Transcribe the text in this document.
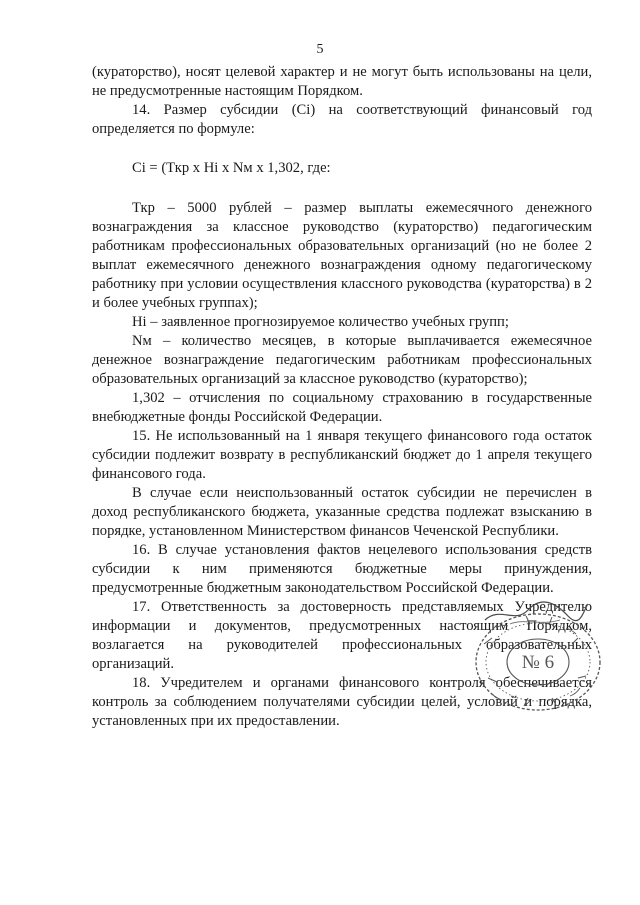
5

(кураторство), носят целевой характер и не могут быть использованы на цели, не предусмотренные настоящим Порядком.

14. Размер субсидии (Ci) на соответствующий финансовый год определяется по формуле:

Ci = (Ткр x Hi x Nм x 1,302, где:

Ткр – 5000 рублей – размер выплаты ежемесячного денежного вознаграждения за классное руководство (кураторство) педагогическим работникам профессиональных образовательных организаций (но не более 2 выплат ежемесячного денежного вознаграждения одному педагогическому работнику при условии осуществления классного руководства (кураторства) в 2 и более учебных группах);

Hi – заявленное прогнозируемое количество учебных групп;

Nм – количество месяцев, в которые выплачивается ежемесячное денежное вознаграждение педагогическим работникам профессиональных образовательных организаций за классное руководство (кураторство);

1,302 – отчисления по социальному страхованию в государственные внебюджетные фонды Российской Федерации.

15. Не использованный на 1 января текущего финансового года остаток субсидии подлежит возврату в республиканский бюджет до 1 апреля текущего финансового года.

В случае если неиспользованный остаток субсидии не перечислен в доход республиканского бюджета, указанные средства подлежат взысканию в порядке, установленном Министерством финансов Чеченской Республики.

16. В случае установления фактов нецелевого использования средств субсидии к ним применяются бюджетные меры принуждения, предусмотренные бюджетным законодательством Российской Федерации.

17. Ответственность за достоверность представляемых Учредителю информации и документов, предусмотренных настоящим Порядком, возлагается на руководителей профессиональных образовательных организаций.

18. Учредителем и органами финансового контроля обеспечивается контроль за соблюдением получателями субсидии целей, условий и порядка, установленных при их предоставлении.

№ 6
